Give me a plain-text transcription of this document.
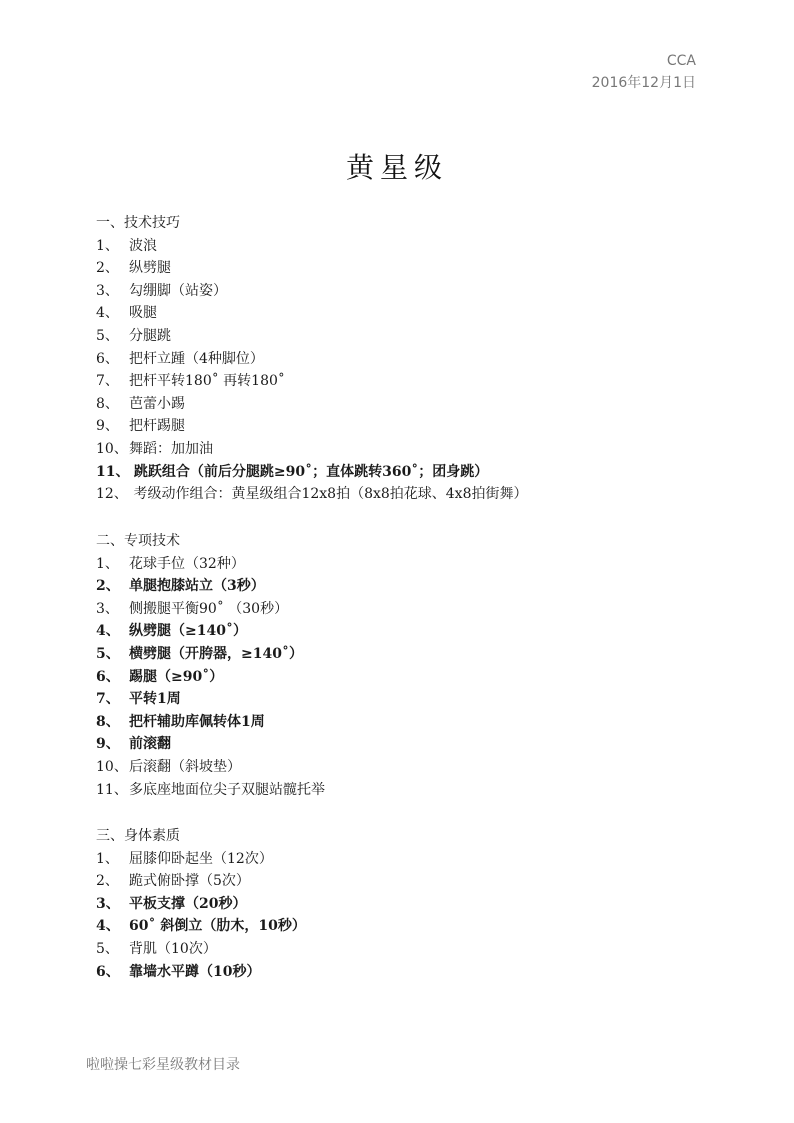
CCA
2016年12月1日
黄星级
一、技术技巧
1、 波浪
2、 纵劈腿
3、 勾绷脚（站姿）
4、 吸腿
5、 分腿跳
6、 把杆立踵（4种脚位）
7、 把杆平转180˚ 再转180˚
8、 芭蕾小踢
9、 把杆踢腿
10、舞蹈：加加油
11、 跳跃组合（前后分腿跳≥90˚；直体跳转360˚；团身跳）
12、 考级动作组合：黄星级组合12x8拍（8x8拍花球、4x8拍街舞）
二、专项技术
1、 花球手位（32种）
2、 单腿抱膝站立（3秒）
3、 侧搬腿平衡90˚ （30秒）
4、 纵劈腿（≥140˚）
5、 横劈腿（开胯器，≥140˚）
6、 踢腿（≥90˚）
7、 平转1周
8、 把杆辅助库佩转体1周
9、 前滚翻
10、后滚翻（斜坡垫）
11、多底座地面位尖子双腿站髋托举
三、身体素质
1、 屈膝仰卧起坐（12次）
2、 跪式俯卧撑（5次）
3、 平板支撑（20秒）
4、 60˚ 斜倒立（肋木，10秒）
5、 背肌（10次）
6、 靠墙水平蹲（10秒）
啦啦操七彩星级教材目录
